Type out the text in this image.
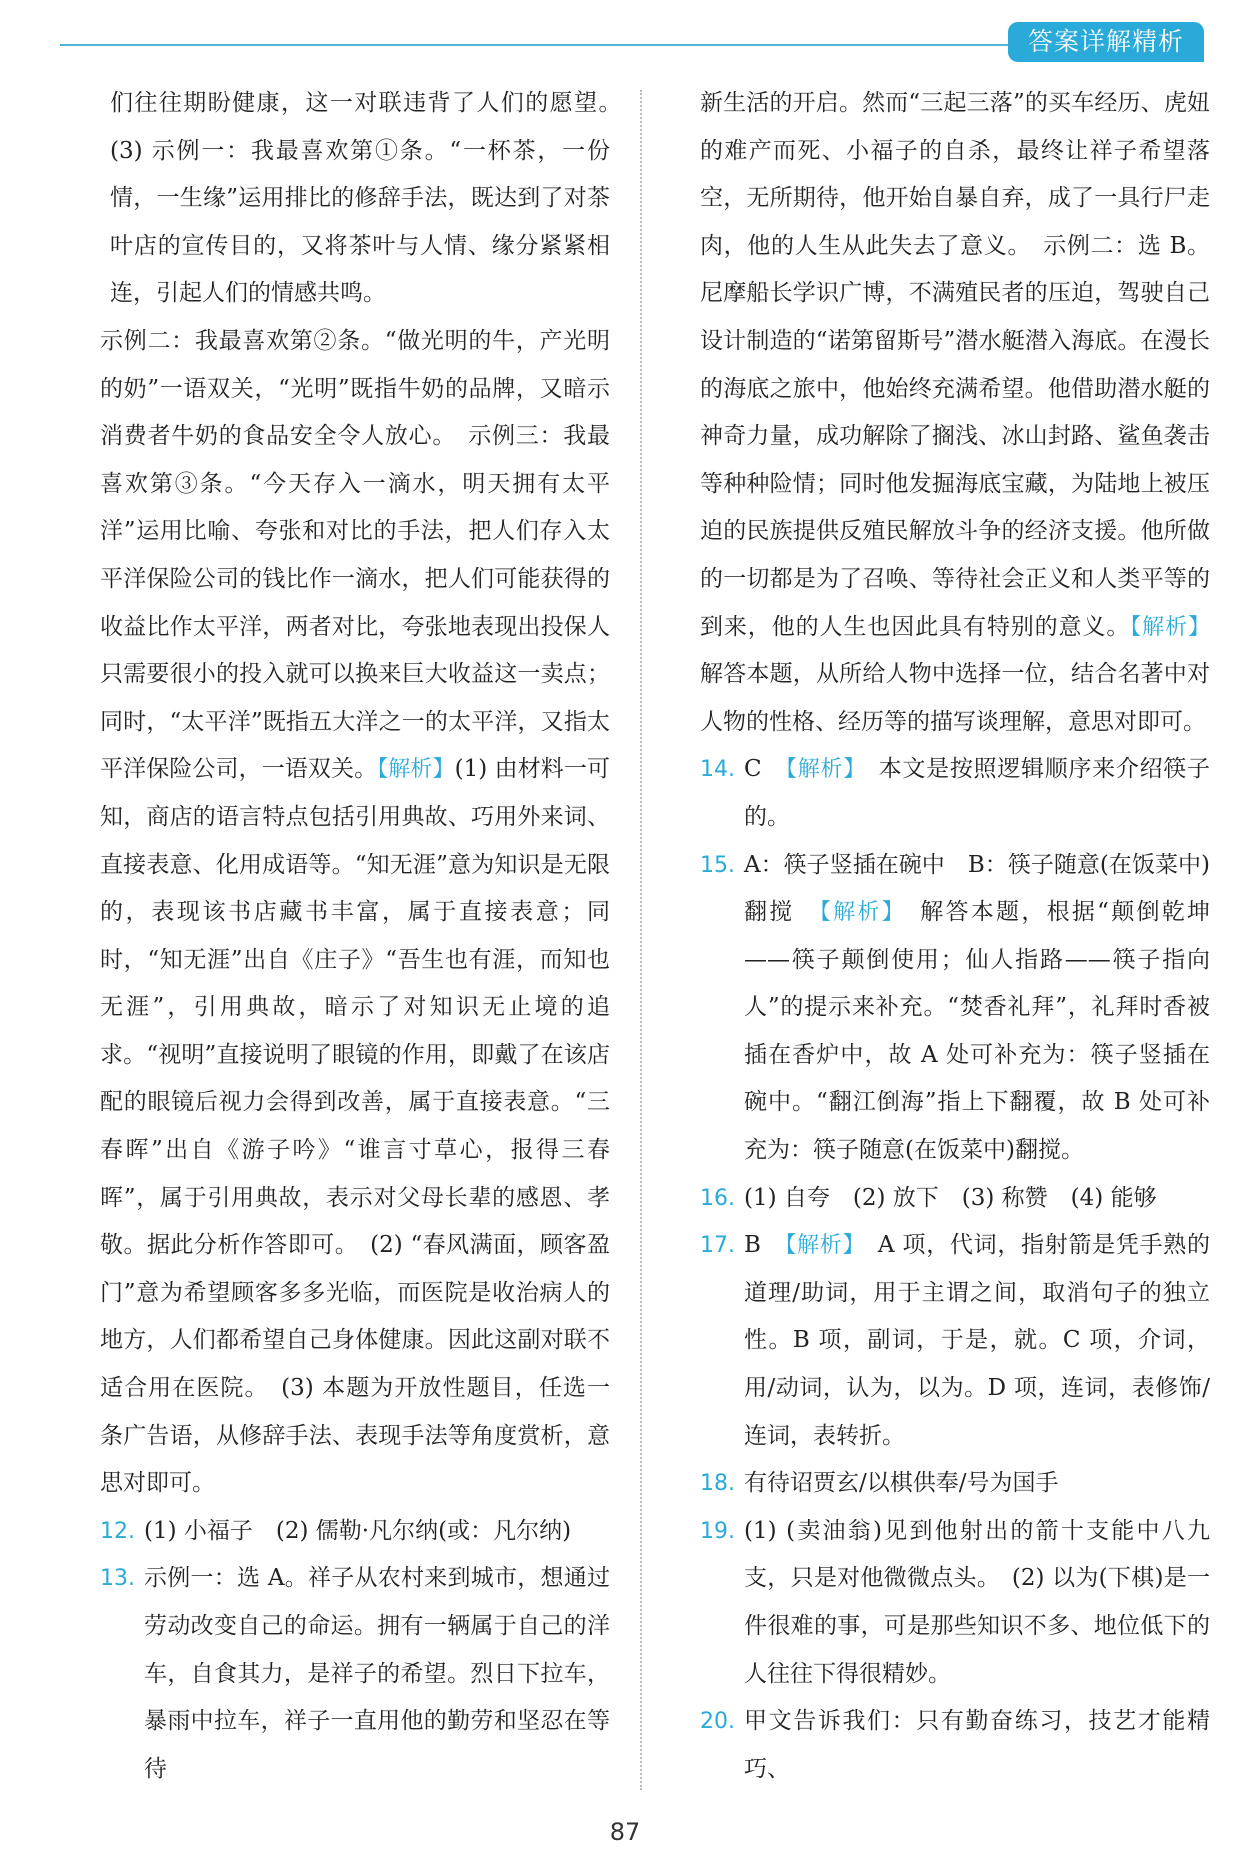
答案详解精析

们往往期盼健康，这一对联违背了人们的愿望。　(3) 示例一：我最喜欢第①条。“一杯茶，一份情，一生缘”运用排比的修辞手法，既达到了对茶叶店的宣传目的，又将茶叶与人情、缘分紧紧相连，引起人们的情感共鸣。

示例二：我最喜欢第②条。“做光明的牛，产光明的奶”一语双关，“光明”既指牛奶的品牌，又暗示消费者牛奶的食品安全令人放心。　示例三：我最喜欢第③条。“今天存入一滴水，明天拥有太平洋”运用比喻、夸张和对比的手法，把人们存入太平洋保险公司的钱比作一滴水，把人们可能获得的收益比作太平洋，两者对比，夸张地表现出投保人只需要很小的投入就可以换来巨大收益这一卖点；同时，“太平洋”既指五大洋之一的太平洋，又指太平洋保险公司，一语双关。【解析】(1) 由材料一可知，商店的语言特点包括引用典故、巧用外来词、直接表意、化用成语等。“知无涯”意为知识是无限的，表现该书店藏书丰富，属于直接表意；同时，“知无涯”出自《庄子》“吾生也有涯，而知也无涯”，引用典故，暗示了对知识无止境的追求。“视明”直接说明了眼镜的作用，即戴了在该店配的眼镜后视力会得到改善，属于直接表意。“三春晖”出自《游子吟》“谁言寸草心，报得三春晖”，属于引用典故，表示对父母长辈的感恩、孝敬。据此分析作答即可。　(2) “春风满面，顾客盈门”意为希望顾客多多光临，而医院是收治病人的地方，人们都希望自己身体健康。因此这副对联不适合用在医院。　(3) 本题为开放性题目，任选一条广告语，从修辞手法、表现手法等角度赏析，意思对即可。

12. (1) 小福子　(2) 儒勒·凡尔纳(或：凡尔纳)
13. 示例一：选 A。祥子从农村来到城市，想通过劳动改变自己的命运。拥有一辆属于自己的洋车，自食其力，是祥子的希望。烈日下拉车，暴雨中拉车，祥子一直用他的勤劳和坚忍在等待

新生活的开启。然而“三起三落”的买车经历、虎妞的难产而死、小福子的自杀，最终让祥子希望落空，无所期待，他开始自暴自弃，成了一具行尸走肉，他的人生从此失去了意义。　示例二：选 B。尼摩船长学识广博，不满殖民者的压迫，驾驶自己设计制造的“诺第留斯号”潜水艇潜入海底。在漫长的海底之旅中，他始终充满希望。他借助潜水艇的神奇力量，成功解除了搁浅、冰山封路、鲨鱼袭击等种种险情；同时他发掘海底宝藏，为陆地上被压迫的民族提供反殖民解放斗争的经济支援。他所做的一切都是为了召唤、等待社会正义和人类平等的到来，他的人生也因此具有特别的意义。【解析】解答本题，从所给人物中选择一位，结合名著中对人物的性格、经历等的描写谈理解，意思对即可。

14. C　 【解析】　 本文是按照逻辑顺序来介绍筷子的。
15. A：筷子竖插在碗中　B：筷子随意(在饭菜中)翻搅　 【解析】　 解答本题，根据“颠倒乾坤——筷子颠倒使用；仙人指路——筷子指向人”的提示来补充。“焚香礼拜”，礼拜时香被插在香炉中，故 A 处可补充为：筷子竖插在碗中。“翻江倒海”指上下翻覆，故 B 处可补充为：筷子随意(在饭菜中)翻搅。
16. (1) 自夸　(2) 放下　(3) 称赞　(4) 能够
17. B　 【解析】　 A 项，代词，指射箭是凭手熟的道理/助词，用于主谓之间，取消句子的独立性。B 项，副词，于是，就。C 项，介词，用/动词，认为，以为。D 项，连词，表修饰/连词，表转折。
18. 有待诏贾玄/以棋供奉/号为国手
19. (1) (卖油翁)见到他射出的箭十支能中八九支，只是对他微微点头。　(2) 以为(下棋)是一件很难的事，可是那些知识不多、地位低下的人往往下得很精妙。
20. 甲文告诉我们：只有勤奋练习，技艺才能精巧、
87
